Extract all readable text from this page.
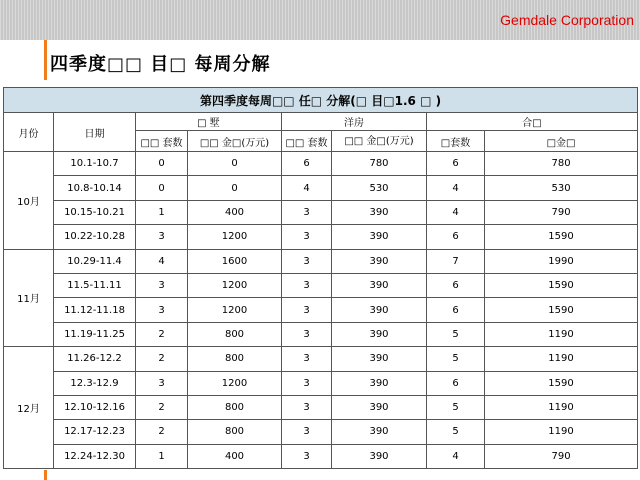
Gemdale Corporation
四季度□□ 目□ 每周分解
第四季度每周□□ 任□ 分解(□ 目□1.6 □ )							
月份	日期	□ 墅		洋房		合□	
		□□ 套数	□□ 金□(万元)	□□ 套数	□□ 金□(万元)	□套数	□金□
10月	10.1-10.7	0	0	6	780	6	780
	10.8-10.14	0	0	4	530	4	530
	10.15-10.21	1	400	3	390	4	790
	10.22-10.28	3	1200	3	390	6	1590
11月	10.29-11.4	4	1600	3	390	7	1990
	11.5-11.11	3	1200	3	390	6	1590
	11.12-11.18	3	1200	3	390	6	1590
	11.19-11.25	2	800	3	390	5	1190
12月	11.26-12.2	2	800	3	390	5	1190
	12.3-12.9	3	1200	3	390	6	1590
	12.10-12.16	2	800	3	390	5	1190
	12.17-12.23	2	800	3	390	5	1190
	12.24-12.30	1	400	3	390	4	790
